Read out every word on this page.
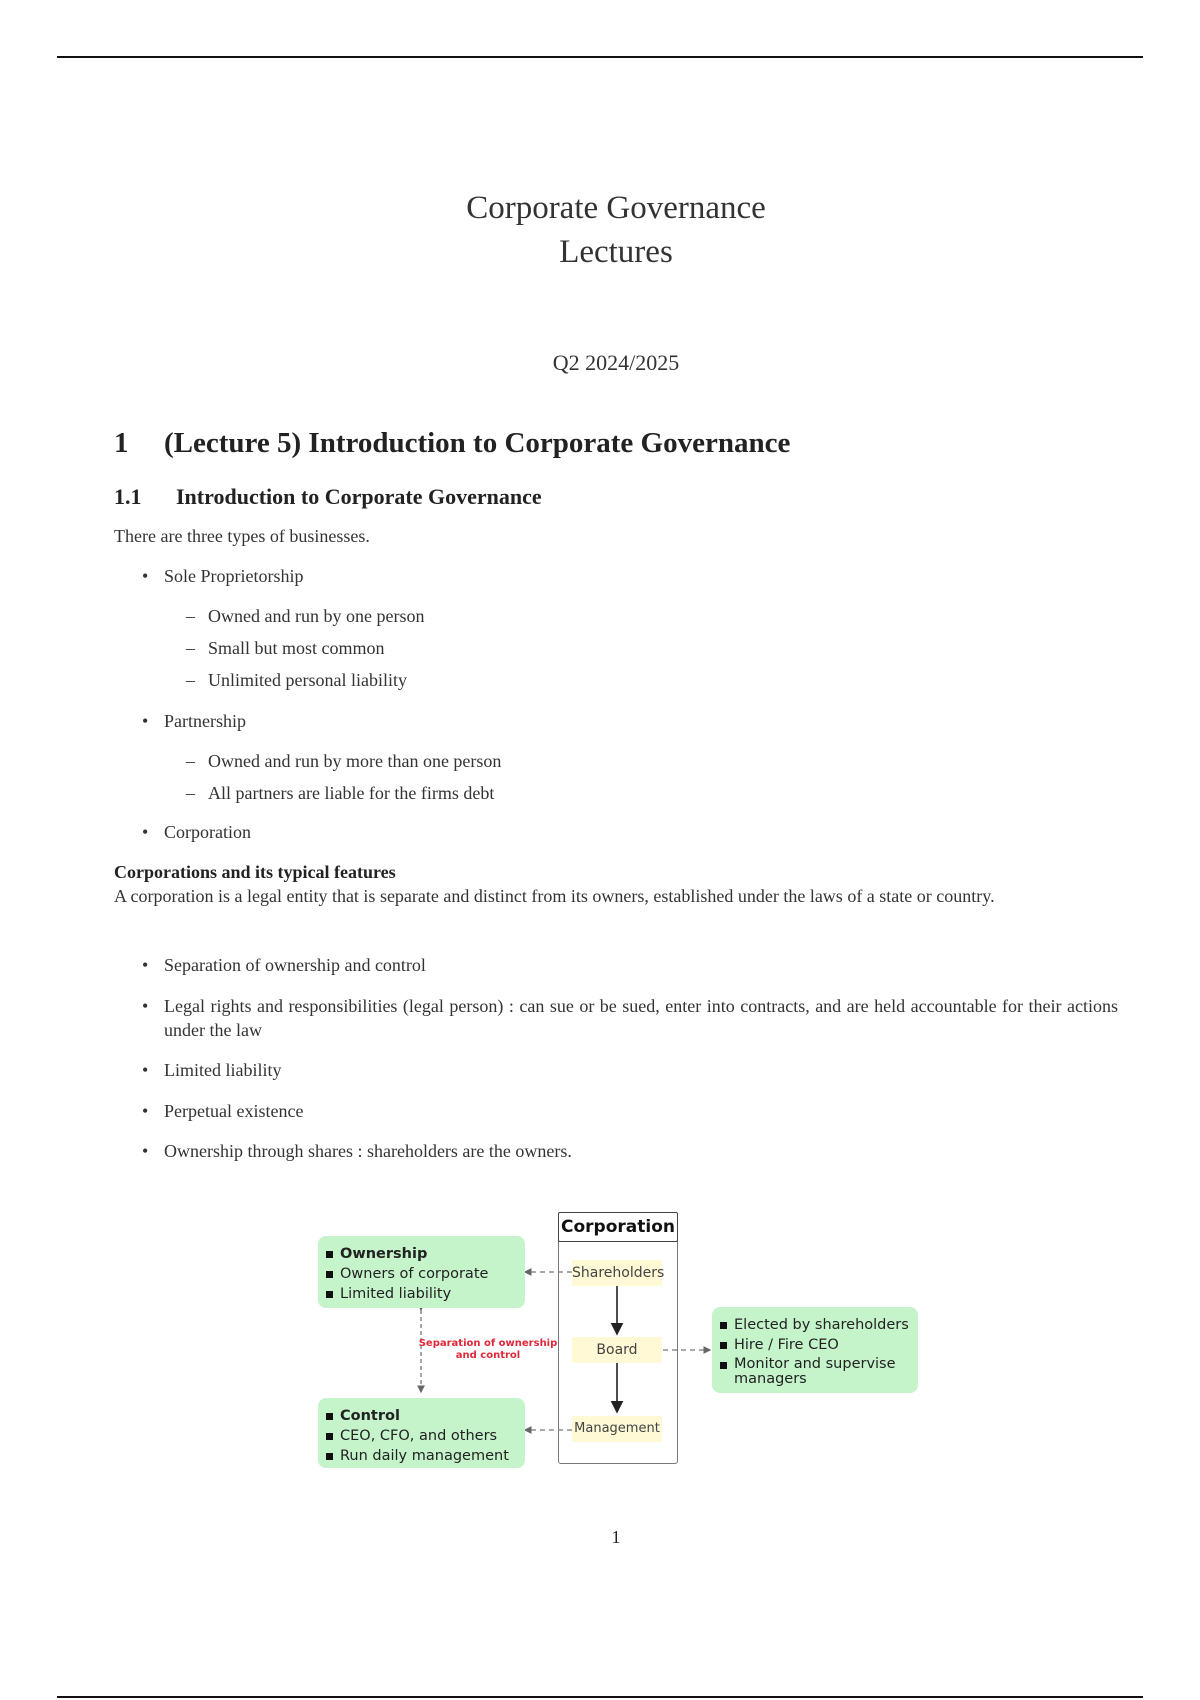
Corporate Governance
Lectures
Q2 2024/2025
1 (Lecture 5) Introduction to Corporate Governance
1.1 Introduction to Corporate Governance
There are three types of businesses.
• Sole Proprietorship
– Owned and run by one person
– Small but most common
– Unlimited personal liability
• Partnership
– Owned and run by more than one person
– All partners are liable for the firms debt
• Corporation
Corporations and its typical features
A corporation is a legal entity that is separate and distinct from its owners, established under the laws of a state or country.
• Separation of ownership and control
• Legal rights and responsibilities (legal person) : can sue or be sued, enter into contracts, and are held accountable for their actions under the law
• Limited liability
• Perpetual existence
• Ownership through shares : shareholders are the owners.
Corporation
Shareholders
Board
Management
Ownership
Owners of corporate
Limited liability
Separation of ownership and control
Control
CEO, CFO, and others
Run daily management
Elected by shareholders
Hire / Fire CEO
Monitor and supervise managers
1
